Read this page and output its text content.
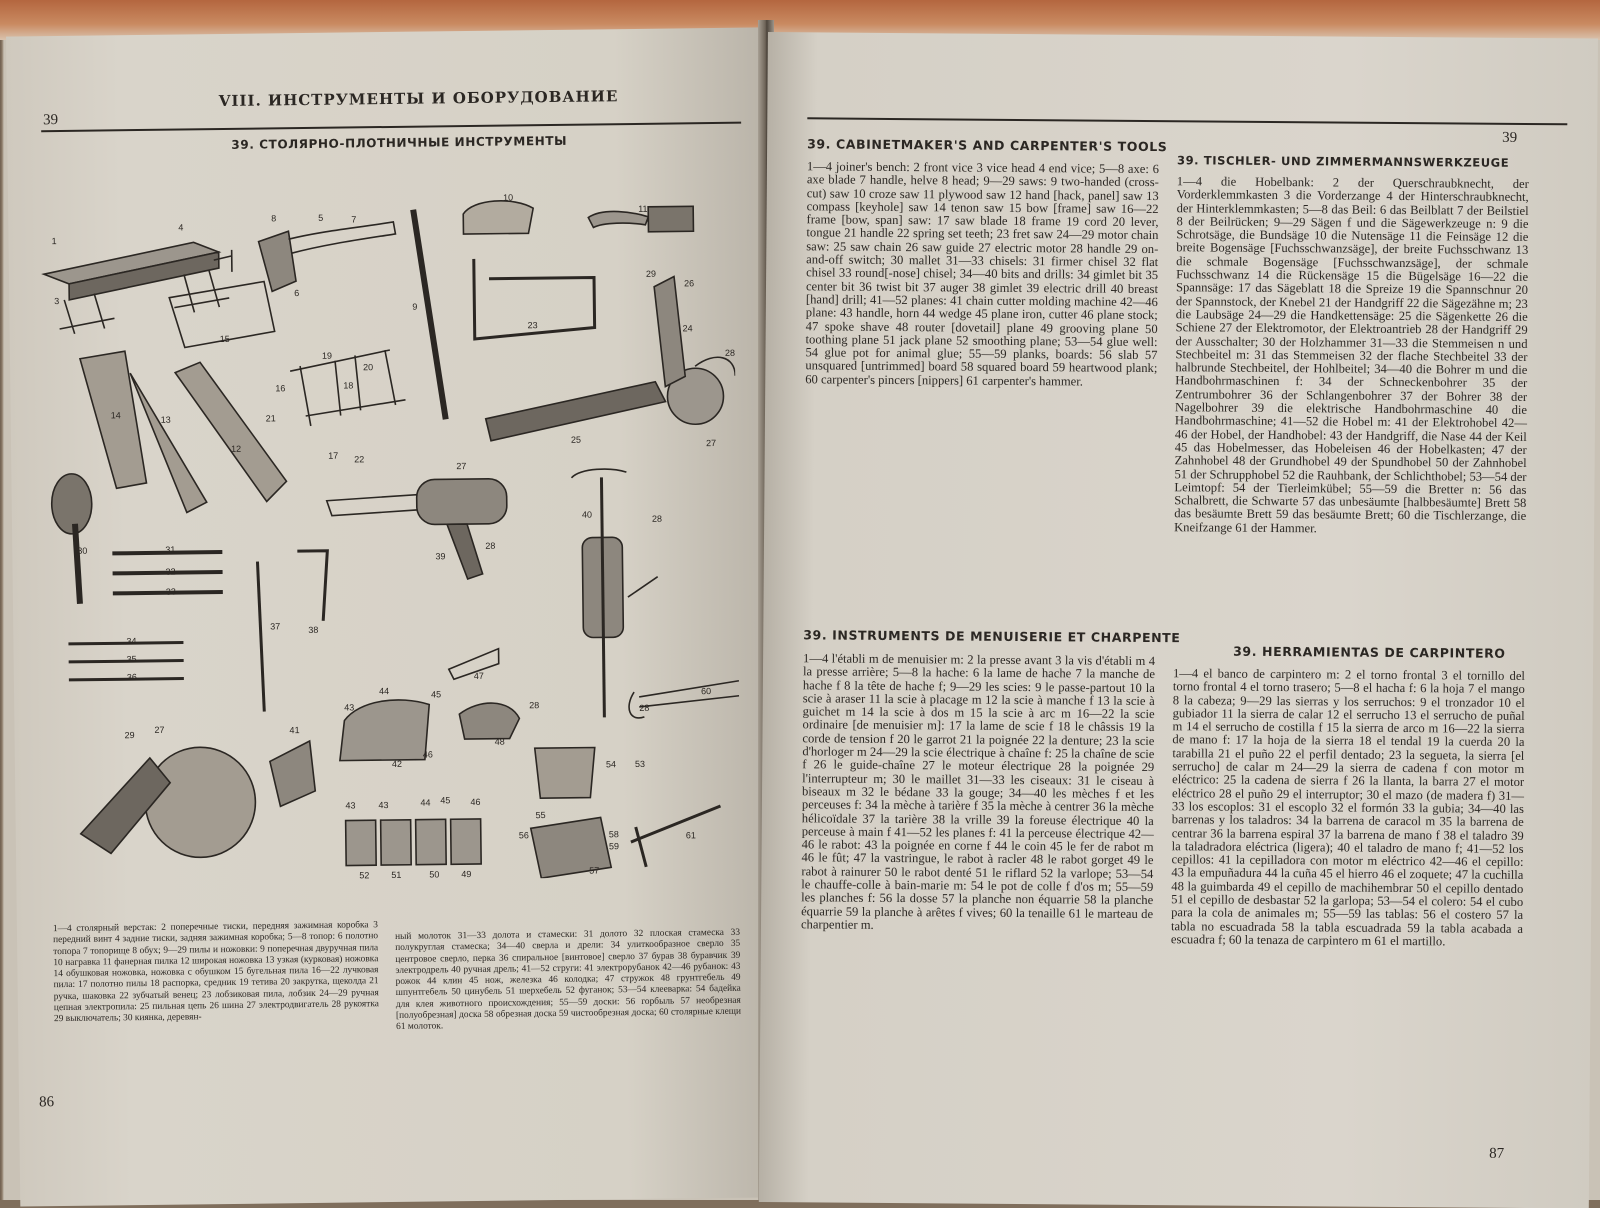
39
VIII. ИНСТРУМЕНТЫ И ОБОРУДОВАНИЕ
39. СТОЛЯРНО-ПЛОТНИЧНЫЕ ИНСТРУМЕНТЫ
1
4
3
8	5	7
6
10
11
9
15
23
29
26
24
28
16
19
20
18
21
17 22
14	13
12
25	27
30	31
32
33
27
39
28
40	28
37	38
34
35
36
44	45
47
43
42
46
48
28
54 53
28
29
27	41
43	43	44 45 46
52 51	50 49
55
56	58
59
57
61
60
1—4 столярный верстак: 2 поперечные тиски, передняя зажимная коробка 3 передний винт 4 задние тиски, задняя зажимная коробка; 5—8 топор: 6 полотно топора 7 топорище 8 обух; 9—29 пилы и ножовки: 9 поперечная двуручная пила 10 награвка 11 фанерная пилка 12 широкая ножовка 13 узкая (курковая) ножовка 14 обушковая ножовка, ножовка с обушком 15 бугельная пила 16—22 лучковая пила: 17 полотно пилы 18 распорка, средник 19 тетива 20 закрутка, щеколда 21 ручка, шаковка 22 зубчатый венец; 23 лобзиковая пила, лобзик 24—29 ручная цепная электропила: 25 пильная цепь 26 шина 27 электродвигатель 28 рукоятка 29 выключатель; 30 киянка, деревян-
ный молоток 31—33 долота и стамески: 31 долото 32 плоская стамеска 33 полукруглая стамеска; 34—40 сверла и дрели: 34 улиткообразное сверло 35 центровое сверло, перка 36 спиральное [винтовое] сверло 37 бурав 38 буравчик 39 электродрель 40 ручная дрель; 41—52 струги: 41 электрорубанок 42—46 рубанок: 43 рожок 44 клин 45 нож, железка 46 колодка; 47 стружок 48 грунтгебель 49 шпунтгебель 50 цинубель 51 шерхебель 52 фуганок; 53—54 клееварка: 54 бадейка для клея животного происхождения; 55—59 доски: 56 горбыль 57 необрезная [полуобрезная] доска 58 обрезная доска 59 чистообрезная доска; 60 столярные клещи 61 молоток.
86
39
39. CABINETMAKER'S AND CARPENTER'S TOOLS
1—4 joiner's bench: 2 front vice 3 vice head 4 end vice; 5—8 axe: 6 axe blade 7 handle, helve 8 head; 9—29 saws: 9 two-handed (cross-cut) saw 10 croze saw 11 plywood saw 12 hand [hack, panel] saw 13 compass [keyhole] saw 14 tenon saw 15 bow [frame] saw 16—22 frame [bow, span] saw: 17 saw blade 18 frame 19 cord 20 lever, tongue 21 handle 22 spring set teeth; 23 fret saw 24—29 motor chain saw: 25 saw chain 26 saw guide 27 electric motor 28 handle 29 on-and-off switch; 30 mallet 31—33 chisels: 31 firmer chisel 32 flat chisel 33 round[-nose] chisel; 34—40 bits and drills: 34 gimlet bit 35 center bit 36 twist bit 37 auger 38 gimlet 39 electric drill 40 breast [hand] drill; 41—52 planes: 41 chain cutter molding machine 42—46 plane: 43 handle, horn 44 wedge 45 plane iron, cutter 46 plane stock; 47 spoke shave 48 router [dovetail] plane 49 grooving plane 50 toothing plane 51 jack plane 52 smoothing plane; 53—54 glue well: 54 glue pot for animal glue; 55—59 planks, boards: 56 slab 57 unsquared [untrimmed] board 58 squared board 59 heartwood plank; 60 carpenter's pincers [nippers] 61 carpenter's hammer.
39. TISCHLER- UND ZIMMERMANNSWERKZEUGE
1—4 die Hobelbank: 2 der Querschraubknecht, der Vorderklemmkasten 3 die Vorderzange 4 der Hinterschraubknecht, der Hinterklemmkasten; 5—8 das Beil: 6 das Beilblatt 7 der Beilstiel 8 der Beilrücken; 9—29 Sägen f und die Sägewerkzeuge n: 9 die Schrotsäge, die Bundsäge 10 die Nutensäge 11 die Feinsäge 12 die breite Bogensäge [Fuchsschwanzsäge], der breite Fuchsschwanz 13 die schmale Bogensäge [Fuchsschwanzsäge], der schmale Fuchsschwanz 14 die Rückensäge 15 die Bügelsäge 16—22 die Spannsäge: 17 das Sägeblatt 18 die Spreize 19 die Spannschnur 20 der Spannstock, der Knebel 21 der Handgriff 22 die Sägezähne m; 23 die Laubsäge 24—29 die Handkettensäge: 25 die Sägenkette 26 die Schiene 27 der Elektromotor, der Elektroantrieb 28 der Handgriff 29 der Ausschalter; 30 der Holzhammer 31—33 die Stemmeisen n und Stechbeitel m: 31 das Stemmeisen 32 der flache Stechbeitel 33 der halbrunde Stechbeitel, der Hohlbeitel; 34—40 die Bohrer m und die Handbohrmaschinen f: 34 der Schneckenbohrer 35 der Zentrumbohrer 36 der Schlangenbohrer 37 der Bohrer 38 der Nagelbohrer 39 die elektrische Handbohrmaschine 40 die Handbohrmaschine; 41—52 die Hobel m: 41 der Elektrohobel 42—46 der Hobel, der Handhobel: 43 der Handgriff, die Nase 44 der Keil 45 das Hobelmesser, das Hobeleisen 46 der Hobelkasten; 47 der Zahnhobel 48 der Grundhobel 49 der Spundhobel 50 der Zahnhobel 51 der Schrupphobel 52 die Rauhbank, der Schlichthobel; 53—54 der Leimtopf: 54 der Tierleimkübel; 55—59 die Bretter n: 56 das Schalbrett, die Schwarte 57 das unbesäumte [halbbesäumte] Brett 58 das besäumte Brett 59 das besäumte Brett; 60 die Tischlerzange, die Kneifzange 61 der Hammer.
39. INSTRUMENTS DE MENUISERIE ET CHARPENTE
1—4 l'établi m de menuisier m: 2 la presse avant 3 la vis d'établi m 4 la presse arrière; 5—8 la hache: 6 la lame de hache 7 la manche de hache f 8 la tête de hache f; 9—29 les scies: 9 le passe-partout 10 la scie à araser 11 la scie à placage m 12 la scie à manche f 13 la scie à guichet m 14 la scie à dos m 15 la scie à arc m 16—22 la scie ordinaire [de menuisier m]: 17 la lame de scie f 18 le châssis 19 la corde de tension f 20 le garrot 21 la poignée 22 la denture; 23 la scie d'horloger m 24—29 la scie électrique à chaîne f: 25 la chaîne de scie f 26 le guide-chaîne 27 le moteur électrique 28 la poignée 29 l'interrupteur m; 30 le maillet 31—33 les ciseaux: 31 le ciseau à biseaux m 32 le bédane 33 la gouge; 34—40 les mèches f et les perceuses f: 34 la mèche à tarière f 35 la mèche à centrer 36 la mèche hélicoïdale 37 la tarière 38 la vrille 39 la foreuse électrique 40 la perceuse à main f 41—52 les planes f: 41 la perceuse électrique 42—46 le rabot: 43 la poignée en corne f 44 le coin 45 le fer de rabot m 46 le fût; 47 la vastringue, le rabot à racler 48 le rabot gorget 49 le rabot à rainurer 50 le rabot denté 51 le riflard 52 la varlope; 53—54 le chauffe-colle à bain-marie m: 54 le pot de colle f d'os m; 55—59 les planches f: 56 la dosse 57 la planche non équarrie 58 la planche équarrie 59 la planche à arêtes f vives; 60 la tenaille 61 le marteau de charpentier m.
39. HERRAMIENTAS DE CARPINTERO
1—4 el banco de carpintero m: 2 el torno frontal 3 el tornillo del torno frontal 4 el torno trasero; 5—8 el hacha f: 6 la hoja 7 el mango 8 la cabeza; 9—29 las sierras y los serruchos: 9 el tronzador 10 el gubiador 11 la sierra de calar 12 el serrucho 13 el serrucho de puñal m 14 el serrucho de costilla f 15 la sierra de arco m 16—22 la sierra de mano f: 17 la hoja de la sierra 18 el tendal 19 la cuerda 20 la tarabilla 21 el puño 22 el perfil dentado; 23 la segueta, la sierra [el serrucho] de calar m 24—29 la sierra de cadena f con motor m eléctrico: 25 la cadena de sierra f 26 la llanta, la barra 27 el motor eléctrico 28 el puño 29 el interruptor; 30 el mazo (de madera f) 31—33 los escoplos: 31 el escoplo 32 el formón 33 la gubia; 34—40 las barrenas y los taladros: 34 la barrena de caracol m 35 la barrena de centrar 36 la barrena espiral 37 la barrena de mano f 38 el taladro 39 la taladradora eléctrica (ligera); 40 el taladro de mano f; 41—52 los cepillos: 41 la cepilladora con motor m eléctrico 42—46 el cepillo: 43 la empuñadura 44 la cuña 45 el hierro 46 el zoquete; 47 la cuchilla 48 la guimbarda 49 el cepillo de machihembrar 50 el cepillo dentado 51 el cepillo de desbastar 52 la garlopa; 53—54 el colero: 54 el cubo para la cola de animales m; 55—59 las tablas: 56 el costero 57 la tabla no escuadrada 58 la tabla escuadrada 59 la tabla acabada a escuadra f; 60 la tenaza de carpintero m 61 el martillo.
87
